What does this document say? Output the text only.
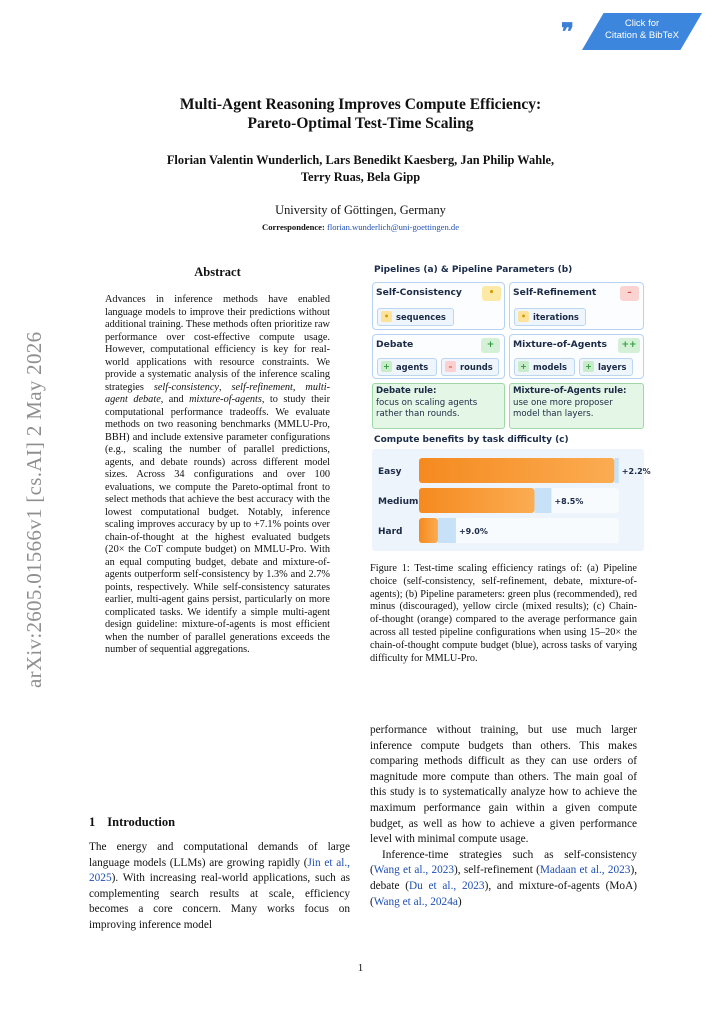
❞	Click for
Citation & BibTeX
arXiv:2605.01566v1 [cs.AI] 2 May 2026
Multi-Agent Reasoning Improves Compute Efficiency:
Pareto-Optimal Test-Time Scaling
Florian Valentin Wunderlich, Lars Benedikt Kaesberg, Jan Philip Wahle,
Terry Ruas, Bela Gipp
University of Göttingen, Germany
Correspondence: florian.wunderlich@uni-goettingen.de
Abstract
Advances in inference methods have enabled language models to improve their predictions without additional training. These methods often prioritize raw performance over cost-effective compute usage. However, computational efficiency is key for real-world applications with resource constraints. We provide a systematic analysis of the inference scaling strategies self-consistency, self-refinement, multi-agent debate, and mixture-of-agents, to study their computational performance tradeoffs. We evaluate methods on two reasoning benchmarks (MMLU-Pro, BBH) and include extensive parameter configurations (e.g., scaling the number of parallel predictions, agents, and debate rounds) across different model sizes. Across 34 configurations and over 100 evaluations, we compute the Pareto-optimal front to select methods that achieve the best accuracy with the lowest computational budget. Notably, inference scaling improves accuracy by up to +7.1% points over chain-of-thought at the highest evaluated budgets (20× the CoT compute budget) on MMLU-Pro. With an equal computing budget, debate and mixture-of-agents outperform self-consistency by 1.3% and 2.7% points, respectively. While self-consistency saturates earlier, multi-agent gains persist, particularly on more complicated tasks. We identify a simple multi-agent design guideline: mixture-of-agents is most efficient when the number of parallel generations exceeds the number of sequential aggregations.
1 Introduction
The energy and computational demands of large language models (LLMs) are growing rapidly (Jin et al., 2025). With increasing real-world applications, such as complementing search results at scale, efficiency becomes a core concern. Many works focus on improving inference model

performance without training, but use much larger inference compute budgets than others. This makes comparing methods difficult as they can use orders of magnitude more compute than others. The main goal of this study is to systematically analyze how to achieve the maximum performance gain within a given compute budget, as well as how to achieve a given performance level with minimal compute usage.

Inference-time strategies such as self-consistency (Wang et al., 2023), self-refinement (Madaan et al., 2023), debate (Du et al., 2023), and mixture-of-agents (MoA) (Wang et al., 2024a)

Pipelines (a) & Pipeline Parameters (b)
Self-Consistency	•
• sequences
Self-Refinement	–
• iterations
Debate	+
+ agents	– rounds
Mixture-of-Agents	++
+ models	+ layers
Debate rule:
focus on scaling agents
rather than rounds.
Mixture-of-Agents rule:
use one more proposer
model than layers.
Compute benefits by task difficulty (c)
Easy	+2.2%
Medium	+8.5%
Hard	+9.0%
Figure 1: Test-time scaling efficiency ratings of: (a) Pipeline choice (self-consistency, self-refinement, debate, mixture-of-agents); (b) Pipeline parameters: green plus (recommended), red minus (discouraged), yellow circle (mixed results); (c) Chain-of-thought (orange) compared to the average performance gain across all tested pipeline configurations when using 15–20× the chain-of-thought compute budget (blue), across tasks of varying difficulty for MMLU-Pro.
1
